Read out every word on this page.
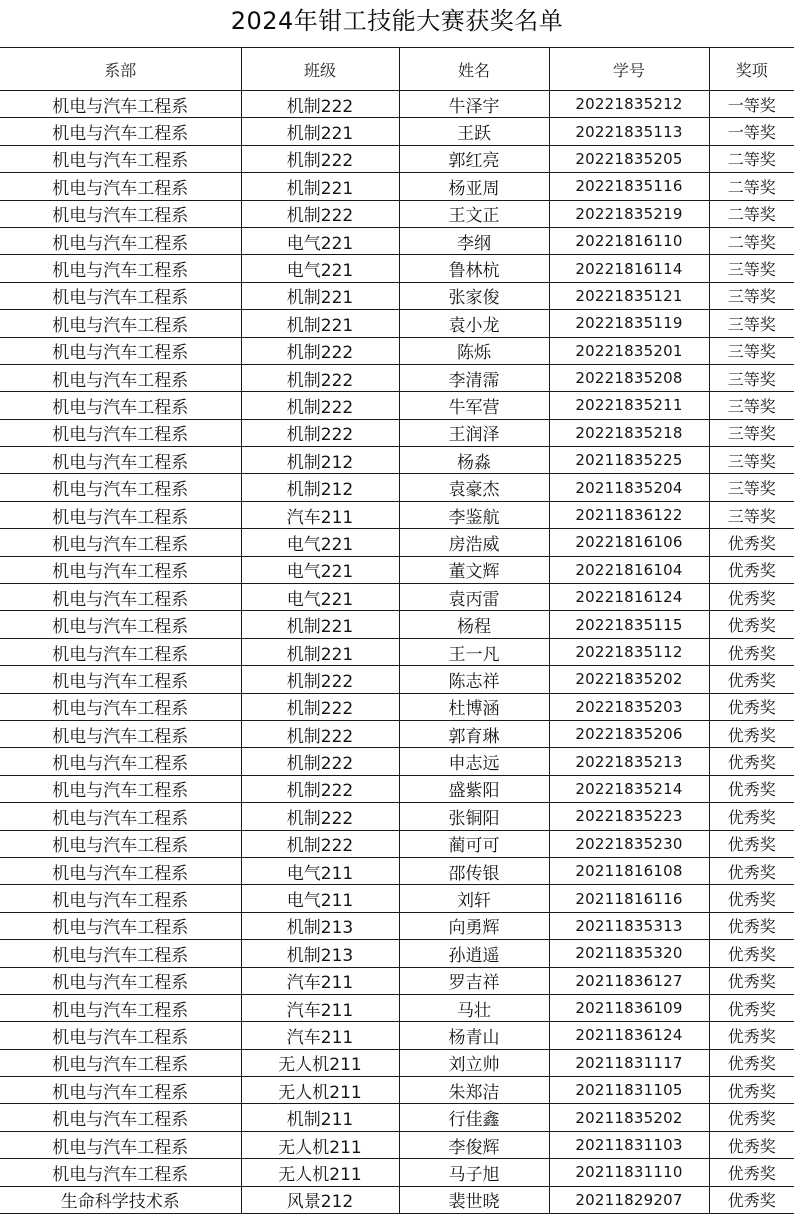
2024年钳工技能大赛获奖名单
系部	班级	姓名	学号	奖项
机电与汽车工程系	机制222	牛泽宇	20221835212	一等奖
机电与汽车工程系	机制221	王跃	20221835113	一等奖
机电与汽车工程系	机制222	郭红亮	20221835205	二等奖
机电与汽车工程系	机制221	杨亚周	20221835116	二等奖
机电与汽车工程系	机制222	王文正	20221835219	二等奖
机电与汽车工程系	电气221	李纲	20221816110	二等奖
机电与汽车工程系	电气221	鲁林杭	20221816114	三等奖
机电与汽车工程系	机制221	张家俊	20221835121	三等奖
机电与汽车工程系	机制221	袁小龙	20221835119	三等奖
机电与汽车工程系	机制222	陈烁	20221835201	三等奖
机电与汽车工程系	机制222	李清霈	20221835208	三等奖
机电与汽车工程系	机制222	牛军营	20221835211	三等奖
机电与汽车工程系	机制222	王润泽	20221835218	三等奖
机电与汽车工程系	机制212	杨淼	20211835225	三等奖
机电与汽车工程系	机制212	袁豪杰	20211835204	三等奖
机电与汽车工程系	汽车211	李鉴航	20211836122	三等奖
机电与汽车工程系	电气221	房浩威	20221816106	优秀奖
机电与汽车工程系	电气221	董文辉	20221816104	优秀奖
机电与汽车工程系	电气221	袁丙雷	20221816124	优秀奖
机电与汽车工程系	机制221	杨程	20221835115	优秀奖
机电与汽车工程系	机制221	王一凡	20221835112	优秀奖
机电与汽车工程系	机制222	陈志祥	20221835202	优秀奖
机电与汽车工程系	机制222	杜博涵	20221835203	优秀奖
机电与汽车工程系	机制222	郭育琳	20221835206	优秀奖
机电与汽车工程系	机制222	申志远	20221835213	优秀奖
机电与汽车工程系	机制222	盛紫阳	20221835214	优秀奖
机电与汽车工程系	机制222	张铜阳	20221835223	优秀奖
机电与汽车工程系	机制222	蔺可可	20221835230	优秀奖
机电与汽车工程系	电气211	邵传银	20211816108	优秀奖
机电与汽车工程系	电气211	刘轩	20211816116	优秀奖
机电与汽车工程系	机制213	向勇辉	20211835313	优秀奖
机电与汽车工程系	机制213	孙逍遥	20211835320	优秀奖
机电与汽车工程系	汽车211	罗吉祥	20211836127	优秀奖
机电与汽车工程系	汽车211	马壮	20211836109	优秀奖
机电与汽车工程系	汽车211	杨青山	20211836124	优秀奖
机电与汽车工程系	无人机211	刘立帅	20211831117	优秀奖
机电与汽车工程系	无人机211	朱郑洁	20211831105	优秀奖
机电与汽车工程系	机制211	行佳鑫	20211835202	优秀奖
机电与汽车工程系	无人机211	李俊辉	20211831103	优秀奖
机电与汽车工程系	无人机211	马子旭	20211831110	优秀奖
生命科学技术系	风景212	裴世晓	20211829207	优秀奖
